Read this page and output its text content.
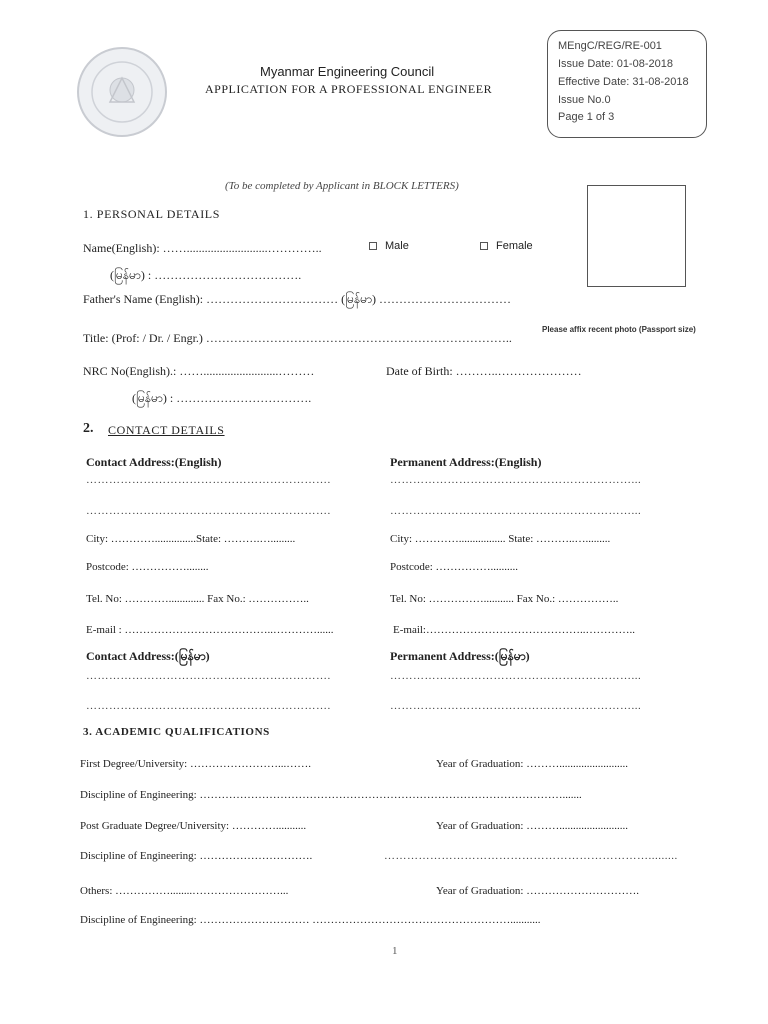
Myanmar Engineering Council
APPLICATION FOR A PROFESSIONAL ENGINEER
MEngC/REG/RE-001
Issue Date: 01-08-2018
Effective Date: 31-08-2018
Issue No.0
Page 1 of 3
(To be completed by Applicant in BLOCK LETTERS)
Please affix recent photo (Passport size)
1. PERSONAL DETAILS
Name(English): ……...........................…………..	Male	Female
(မြန်မာ) : ……………………………….
Father's Name (English): …………………………… (မြန်မာ) ……………………………
Title: (Prof: / Dr. / Engr.) …………………………………………………………………..
NRC No(English).: …….........................………	Date of Birth: ………..…………………
(မြန်မာ) : …………………………….
2. CONTACT DETAILS
Contact Address:(English)	Permanent Address:(English)
……………………………………………………….	………………………………………………………...
……………………………………………………….	………………………………………………………...
City: …………...............State: ……….….........	City: …………................. State: ………..….........
Postcode: ……………........	Postcode: ……………..........
Tel. No: …………............. Fax No.: ……………..	Tel. No: ……………........... Fax No.: ……………..
E-mail : …………………………………..…………......	E-mail:……………………………………..…………..
Contact Address:(မြန်မာ)	Permanent Address:(မြန်မာ)
……………………………………………………….	………………………………………………………...
……………………………………………………….	………………………………………………………...
3. ACADEMIC QUALIFICATIONS
First Degree/University: ……………………...…….	Year of Graduation: ……….........................
Discipline of Engineering: ……………………………………………………………………………………….......
Post Graduate Degree/University: …………...........	Year of Graduation: ……….........................
Discipline of Engineering: ………………………….	…………………………………………………………….........
Others: ……………........……………………...	Year of Graduation: ………………………….
Discipline of Engineering: ………………………… ………………………………………………...........
1
